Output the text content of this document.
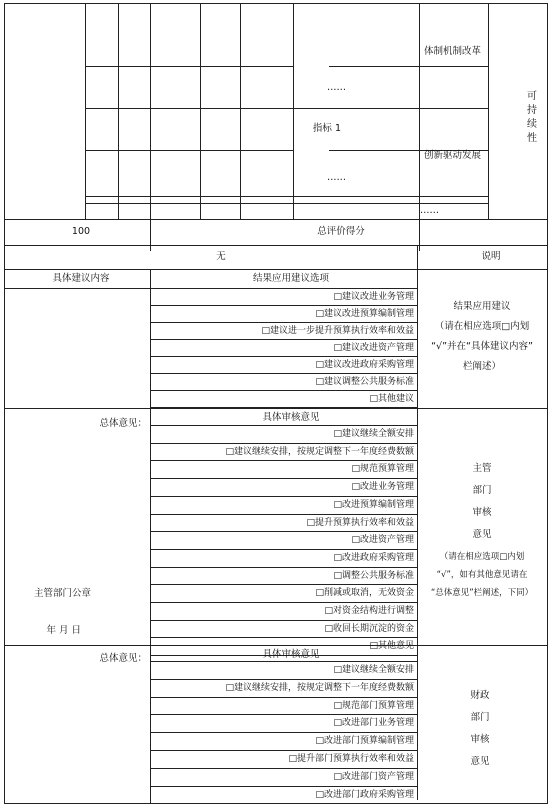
体制机制改革
创新驱动发展
……
指标 1
……
……
可持续性
总评价得分
100
说明
无
结果应用建议选项
具体建议内容
结果应用建议
（请在相应选项□内划
“√”并在“具体建议内容”
栏阐述）
□建议改进业务管理
□建议改进预算编制管理
□建议进一步提升预算执行效率和效益
□建议改进资产管理
□建议改进政府采购管理
□建议调整公共服务标准
□其他建议
具体审核意见
总体意见：
主管部门公章
年 月 日
主管
部门
审核
意见
（请在相应选项□内划
“√”，如有其他意见请在
“总体意见”栏阐述，下同）
□建议继续全额安排
□建议继续安排，按规定调整下一年度经费数额
□规范预算管理
□改进业务管理
□改进预算编制管理
□提升预算执行效率和效益
□改进资产管理
□改进政府采购管理
□调整公共服务标准
□削减或取消，无效资金
□对资金结构进行调整
□收回长期沉淀的资金
□其他意见
具体审核意见
总体意见：
财政
部门
审核
意见
□建议继续全额安排
□建议继续安排，按规定调整下一年度经费数额
□规范部门预算管理
□改进部门业务管理
□改进部门预算编制管理
□提升部门预算执行效率和效益
□改进部门资产管理
□改进部门政府采购管理
